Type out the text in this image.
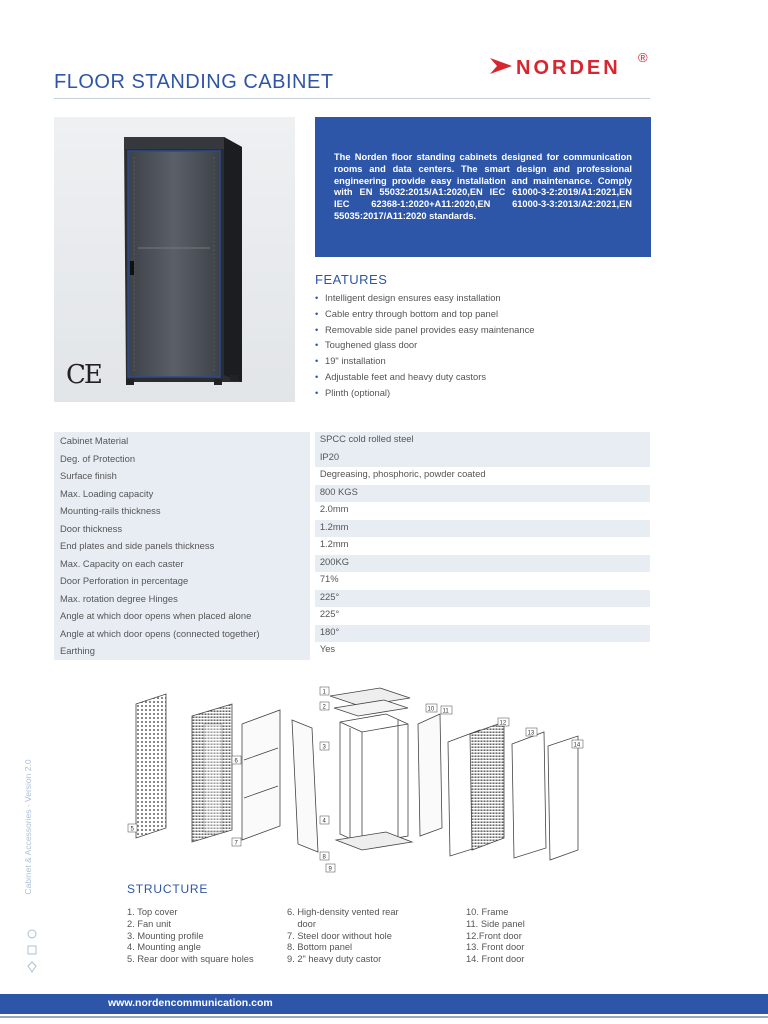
FLOOR STANDING CABINET
NORDEN ®
CE

The Norden floor standing cabinets designed for communication rooms and data centers. The smart design and professional engineering provide easy installation and maintenance. Comply with EN 55032:2015/A1:2020,EN IEC 61000-3-2:2019/A1:2021,EN IEC 62368-1:2020+A11:2020,EN 61000-3-3:2013/A2:2021,EN 55035:2017/A11:2020 standards.

FEATURES
• Intelligent design ensures easy installation
• Cable entry through bottom and top panel
• Removable side panel provides easy maintenance
• Toughened glass door
• 19" installation
• Adjustable feet and heavy duty castors
• Plinth (optional)
Cabinet Material	SPCC cold rolled steel
Deg. of Protection	IP20
Surface finish	Degreasing, phosphoric, powder coated
Max. Loading capacity	800 KGS
Mounting-rails thickness	2.0mm
Door thickness	1.2mm
End plates and side panels thickness	1.2mm
Max. Capacity on each caster	200KG
Door Perforation in percentage	71%
Max. rotation degree Hinges	225°
Angle at which door opens when placed alone	225°
Angle at which door opens (connected together)	180°
Earthing	Yes
1
2
3
4
5
6
7
8
9
10 11
12
13
14
STRUCTURE
1. Top cover
2. Fan unit
3. Mounting profile
4. Mounting angle
5. Rear door with square holes
6. High-density vented rear
door
7. Steel door without hole
8. Bottom panel
9. 2" heavy duty castor
10. Frame
11. Side panel
12.Front door
13. Front door
14. Front door
Cabinet & Accessories - Version 2.0
www.nordencommunication.com
